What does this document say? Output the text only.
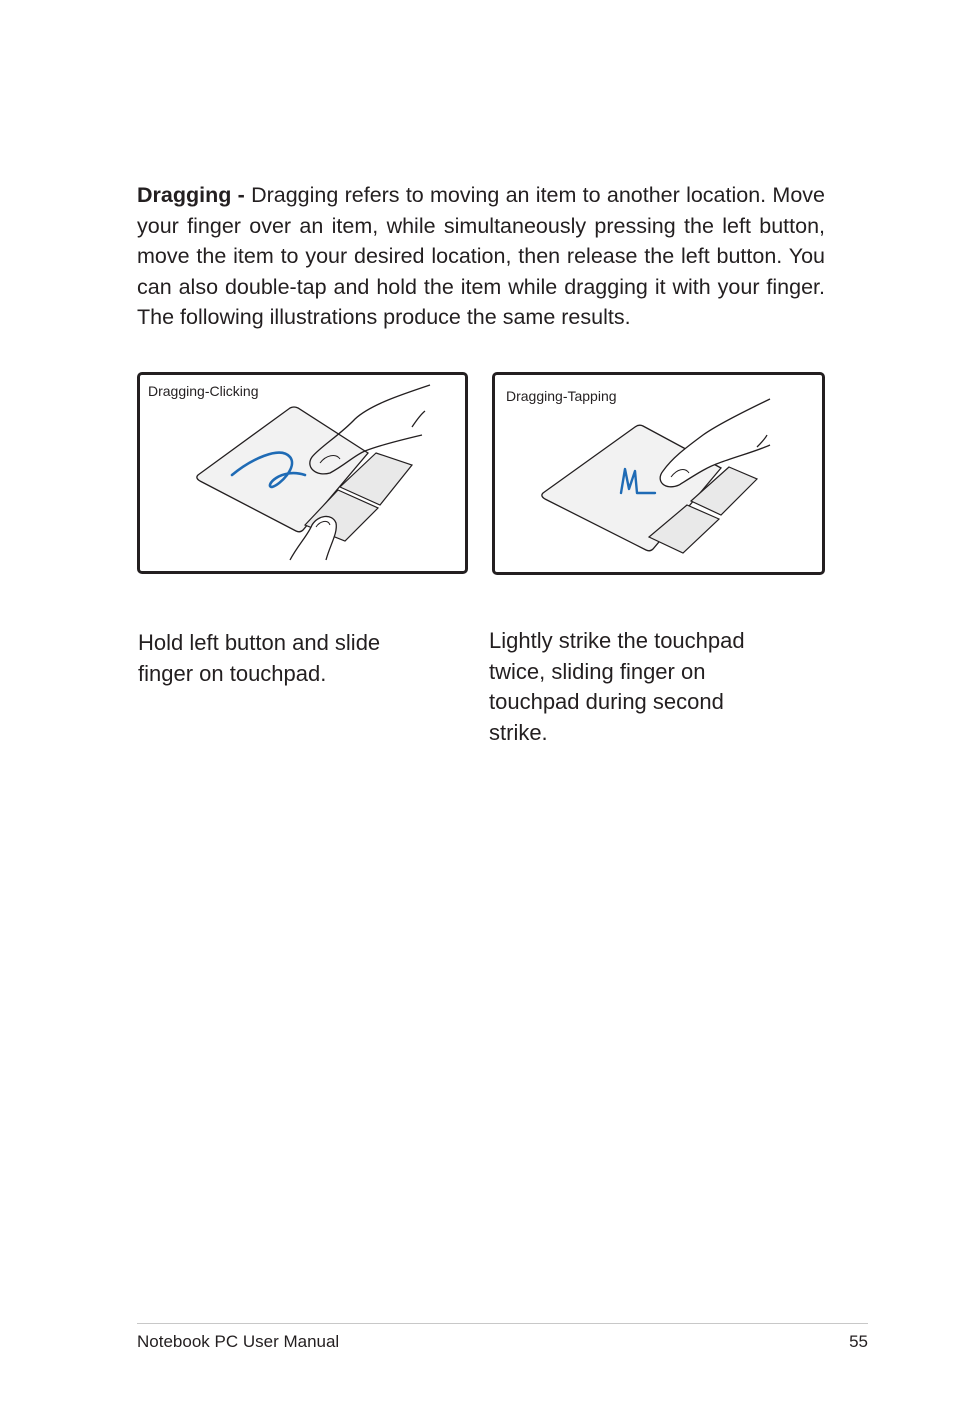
Dragging - Dragging refers to moving an item to another location. Move your finger over an item, while simultaneously pressing the left button, move the item to your desired location, then release the left button. You can also double-tap and hold the item while dragging it with your finger. The following illustrations produce the same results.

Dragging-Clicking	Dragging-Tapping

Hold left button and slide finger on touchpad.

Lightly strike the touchpad twice, sliding finger on touchpad during second strike.

Notebook PC User Manual	55
